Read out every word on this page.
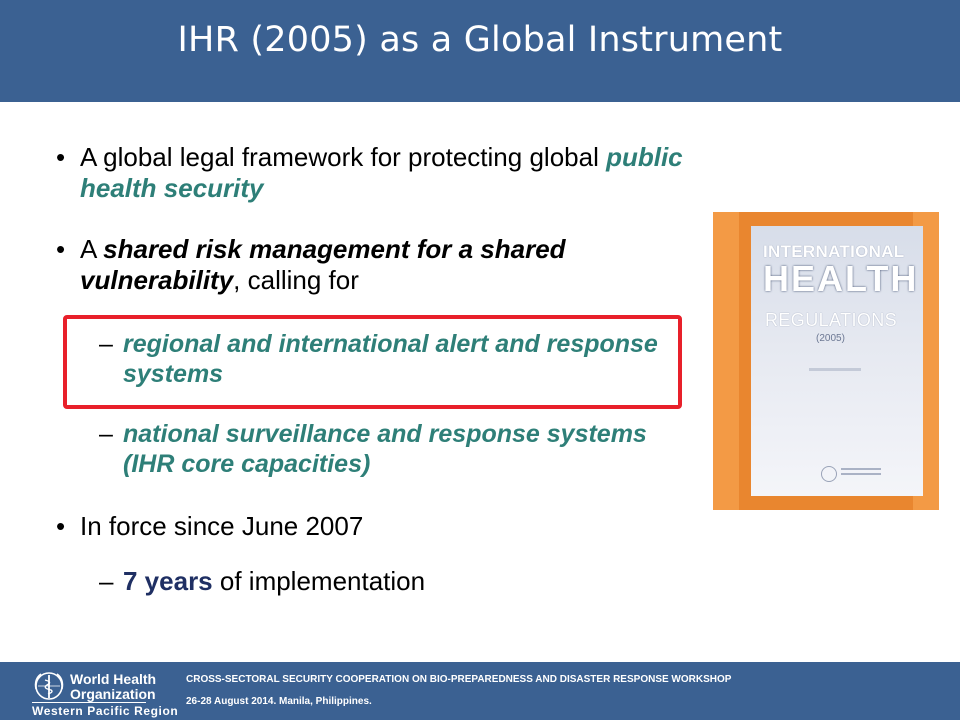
IHR (2005) as a Global Instrument
• A global legal framework for protecting global public health security
• A shared risk management for a shared vulnerability, calling for
– regional and international alert and response systems
– national surveillance and response systems (IHR core capacities)
• In force since June 2007
– 7 years of implementation
INTERNATIONAL
HEALTH
REGULATIONS
(2005)
World Health
Organization
Western Pacific Region
CROSS-SECTORAL SECURITY COOPERATION ON BIO-PREPAREDNESS AND DISASTER RESPONSE WORKSHOP
26-28 August 2014. Manila, Philippines.
